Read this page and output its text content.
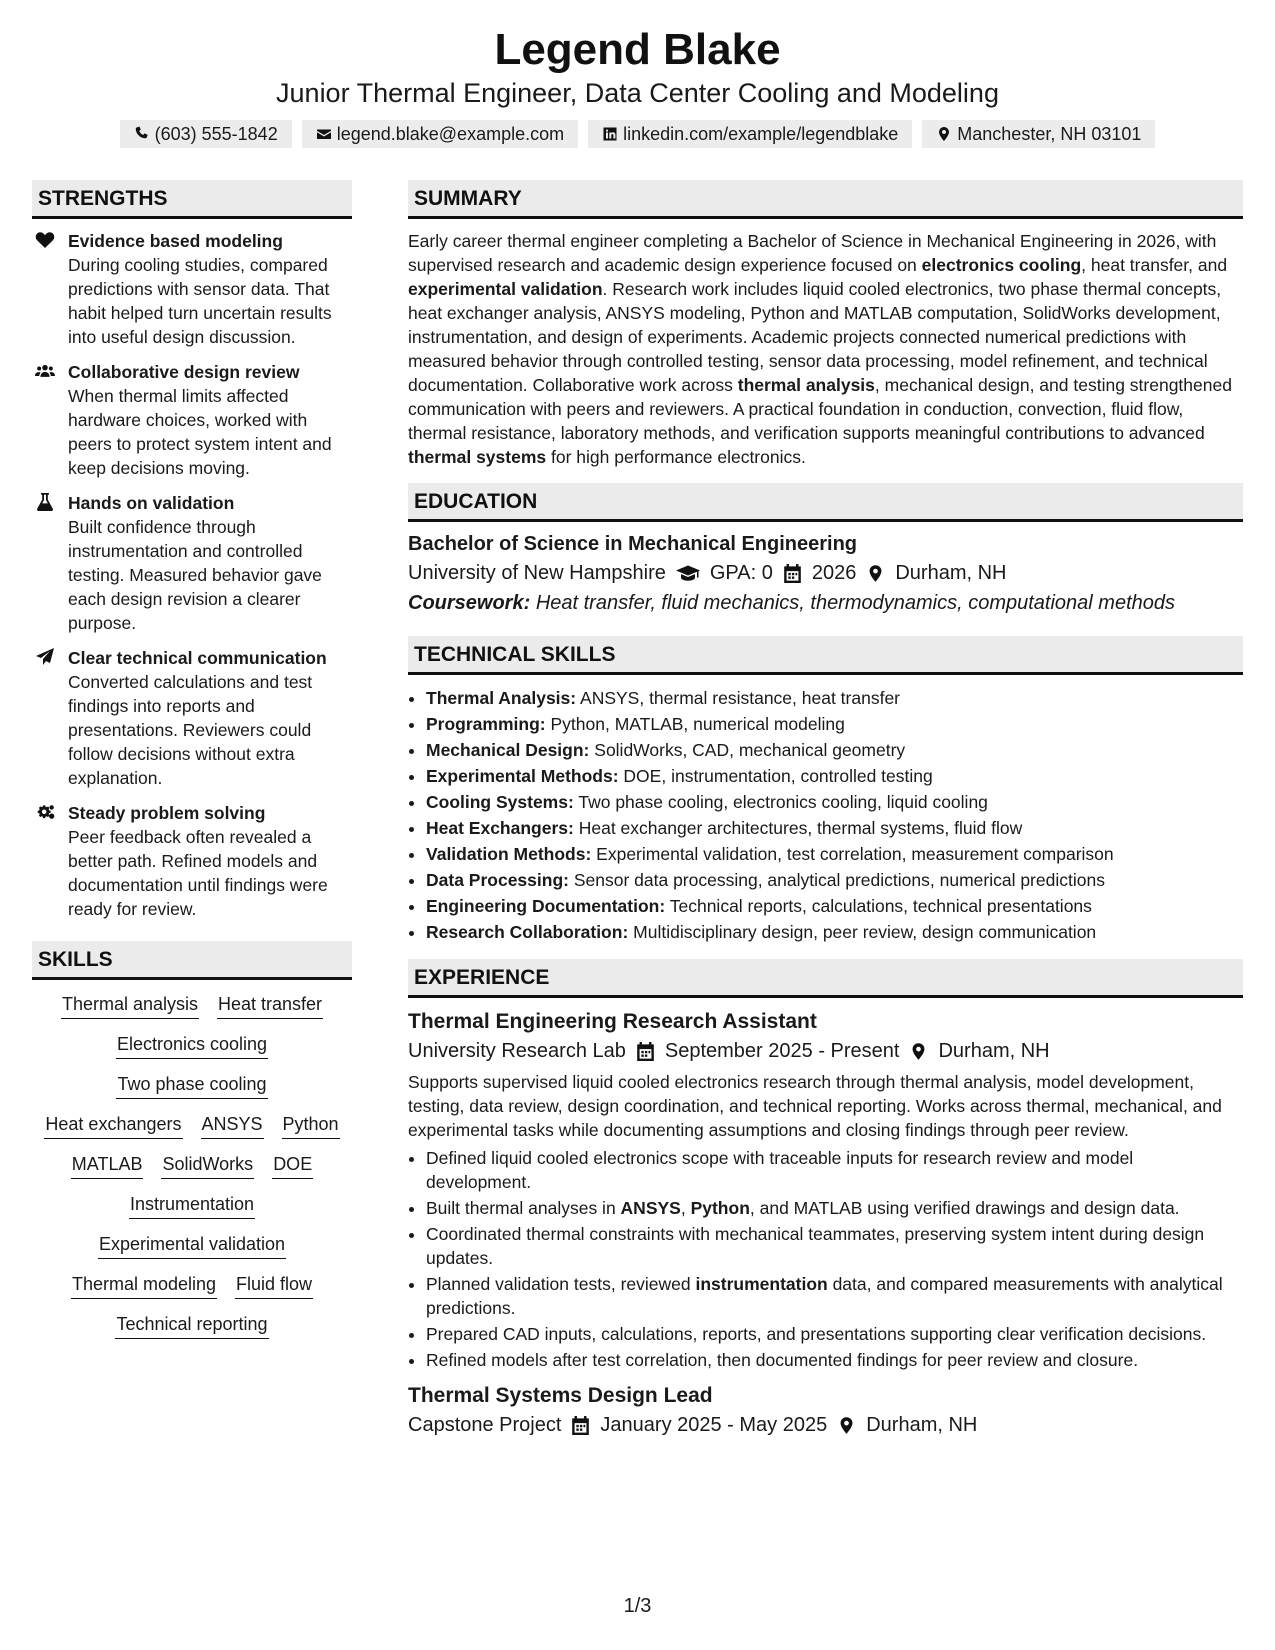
Legend Blake

Junior Thermal Engineer, Data Center Cooling and Modeling

(603) 555-1842	legend.blake@example.com	linkedin.com/example/legendblake	Manchester, NH 03101
STRENGTHS
Evidence based modeling
During cooling studies, compared predictions with sensor data. That habit helped turn uncertain results into useful design discussion.
Collaborative design review
When thermal limits affected hardware choices, worked with peers to protect system intent and keep decisions moving.
Hands on validation
Built confidence through instrumentation and controlled testing. Measured behavior gave each design revision a clearer purpose.
Clear technical communication
Converted calculations and test findings into reports and presentations. Reviewers could follow decisions without extra explanation.
Steady problem solving
Peer feedback often revealed a better path. Refined models and documentation until findings were ready for review.
SKILLS
Thermal analysis Heat transfer
Electronics cooling
Two phase cooling
Heat exchangers ANSYS Python
MATLAB SolidWorks DOE
Instrumentation
Experimental validation
Thermal modeling Fluid flow
Technical reporting
SUMMARY

Early career thermal engineer completing a Bachelor of Science in Mechanical Engineering in 2026, with supervised research and academic design experience focused on electronics cooling, heat transfer, and experimental validation. Research work includes liquid cooled electronics, two phase thermal concepts, heat exchanger analysis, ANSYS modeling, Python and MATLAB computation, SolidWorks development, instrumentation, and design of experiments. Academic projects connected numerical predictions with measured behavior through controlled testing, sensor data processing, model refinement, and technical documentation. Collaborative work across thermal analysis, mechanical design, and testing strengthened communication with peers and reviewers. A practical foundation in conduction, convection, fluid flow, thermal resistance, laboratory methods, and verification supports meaningful contributions to advanced thermal systems for high performance electronics.

EDUCATION
Bachelor of Science in Mechanical Engineering
University of New Hampshire GPA: 0 2026 Durham, NH
Coursework: Heat transfer, fluid mechanics, thermodynamics, computational methods
TECHNICAL SKILLS
• Thermal Analysis: ANSYS, thermal resistance, heat transfer
• Programming: Python, MATLAB, numerical modeling
• Mechanical Design: SolidWorks, CAD, mechanical geometry
• Experimental Methods: DOE, instrumentation, controlled testing
• Cooling Systems: Two phase cooling, electronics cooling, liquid cooling
• Heat Exchangers: Heat exchanger architectures, thermal systems, fluid flow
• Validation Methods: Experimental validation, test correlation, measurement comparison
• Data Processing: Sensor data processing, analytical predictions, numerical predictions
• Engineering Documentation: Technical reports, calculations, technical presentations
• Research Collaboration: Multidisciplinary design, peer review, design communication
EXPERIENCE
Thermal Engineering Research Assistant
University Research Lab September 2025 - Present Durham, NH
Supports supervised liquid cooled electronics research through thermal analysis, model development, testing, data review, design coordination, and technical reporting. Works across thermal, mechanical, and experimental tasks while documenting assumptions and closing findings through peer review.
• Defined liquid cooled electronics scope with traceable inputs for research review and model development.
• Built thermal analyses in ANSYS, Python, and MATLAB using verified drawings and design data.
• Coordinated thermal constraints with mechanical teammates, preserving system intent during design updates.
• Planned validation tests, reviewed instrumentation data, and compared measurements with analytical predictions.
• Prepared CAD inputs, calculations, reports, and presentations supporting clear verification decisions.
• Refined models after test correlation, then documented findings for peer review and closure.
Thermal Systems Design Lead
Capstone Project January 2025 - May 2025 Durham, NH
1/3
